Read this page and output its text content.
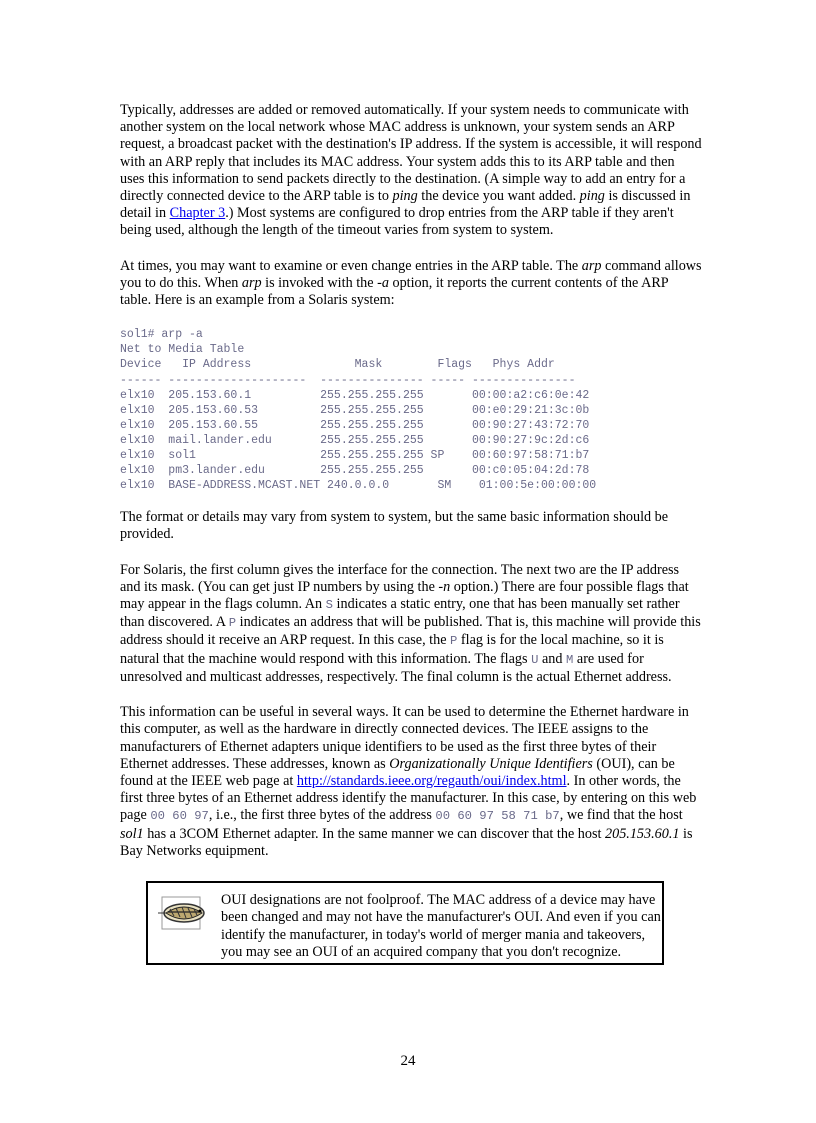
Typically, addresses are added or removed automatically. If your system needs to communicate with another system on the local network whose MAC address is unknown, your system sends an ARP request, a broadcast packet with the destination's IP address. If the system is accessible, it will respond with an ARP reply that includes its MAC address. Your system adds this to its ARP table and then uses this information to send packets directly to the destination. (A simple way to add an entry for a directly connected device to the ARP table is to ping the device you want added. ping is discussed in detail in Chapter 3.) Most systems are configured to drop entries from the ARP table if they aren't being used, although the length of the timeout varies from system to system.

At times, you may want to examine or even change entries in the ARP table. The arp command allows you to do this. When arp is invoked with the -a option, it reports the current contents of the ARP table. Here is an example from a Solaris system:

sol1# arp -a
Net to Media Table
Device   IP Address               Mask        Flags   Phys Addr
------ --------------------  --------------- ----- ---------------
elx10  205.153.60.1          255.255.255.255       00:00:a2:c6:0e:42
elx10  205.153.60.53         255.255.255.255       00:e0:29:21:3c:0b
elx10  205.153.60.55         255.255.255.255       00:90:27:43:72:70
elx10  mail.lander.edu       255.255.255.255       00:90:27:9c:2d:c6
elx10  sol1                  255.255.255.255 SP    00:60:97:58:71:b7
elx10  pm3.lander.edu        255.255.255.255       00:c0:05:04:2d:78
elx10  BASE-ADDRESS.MCAST.NET 240.0.0.0       SM    01:00:5e:00:00:00

The format or details may vary from system to system, but the same basic information should be provided.

For Solaris, the first column gives the interface for the connection. The next two are the IP address and its mask. (You can get just IP numbers by using the -n option.) There are four possible flags that may appear in the flags column. An S indicates a static entry, one that has been manually set rather than discovered. A P indicates an address that will be published. That is, this machine will provide this address should it receive an ARP request. In this case, the P flag is for the local machine, so it is natural that the machine would respond with this information. The flags U and M are used for unresolved and multicast addresses, respectively. The final column is the actual Ethernet address.

This information can be useful in several ways. It can be used to determine the Ethernet hardware in this computer, as well as the hardware in directly connected devices. The IEEE assigns to the manufacturers of Ethernet adapters unique identifiers to be used as the first three bytes of their Ethernet addresses. These addresses, known as Organizationally Unique Identifiers (OUI), can be found at the IEEE web page at http://standards.ieee.org/regauth/oui/index.html. In other words, the first three bytes of an Ethernet address identify the manufacturer. In this case, by entering on this web page 00 60 97, i.e., the first three bytes of the address 00 60 97 58 71 b7, we find that the host sol1 has a 3COM Ethernet adapter. In the same manner we can discover that the host 205.153.60.1 is Bay Networks equipment.

OUI designations are not foolproof. The MAC address of a device may have been changed and may not have the manufacturer's OUI. And even if you can identify the manufacturer, in today's world of merger mania and takeovers, you may see an OUI of an acquired company that you don't recognize.
24
